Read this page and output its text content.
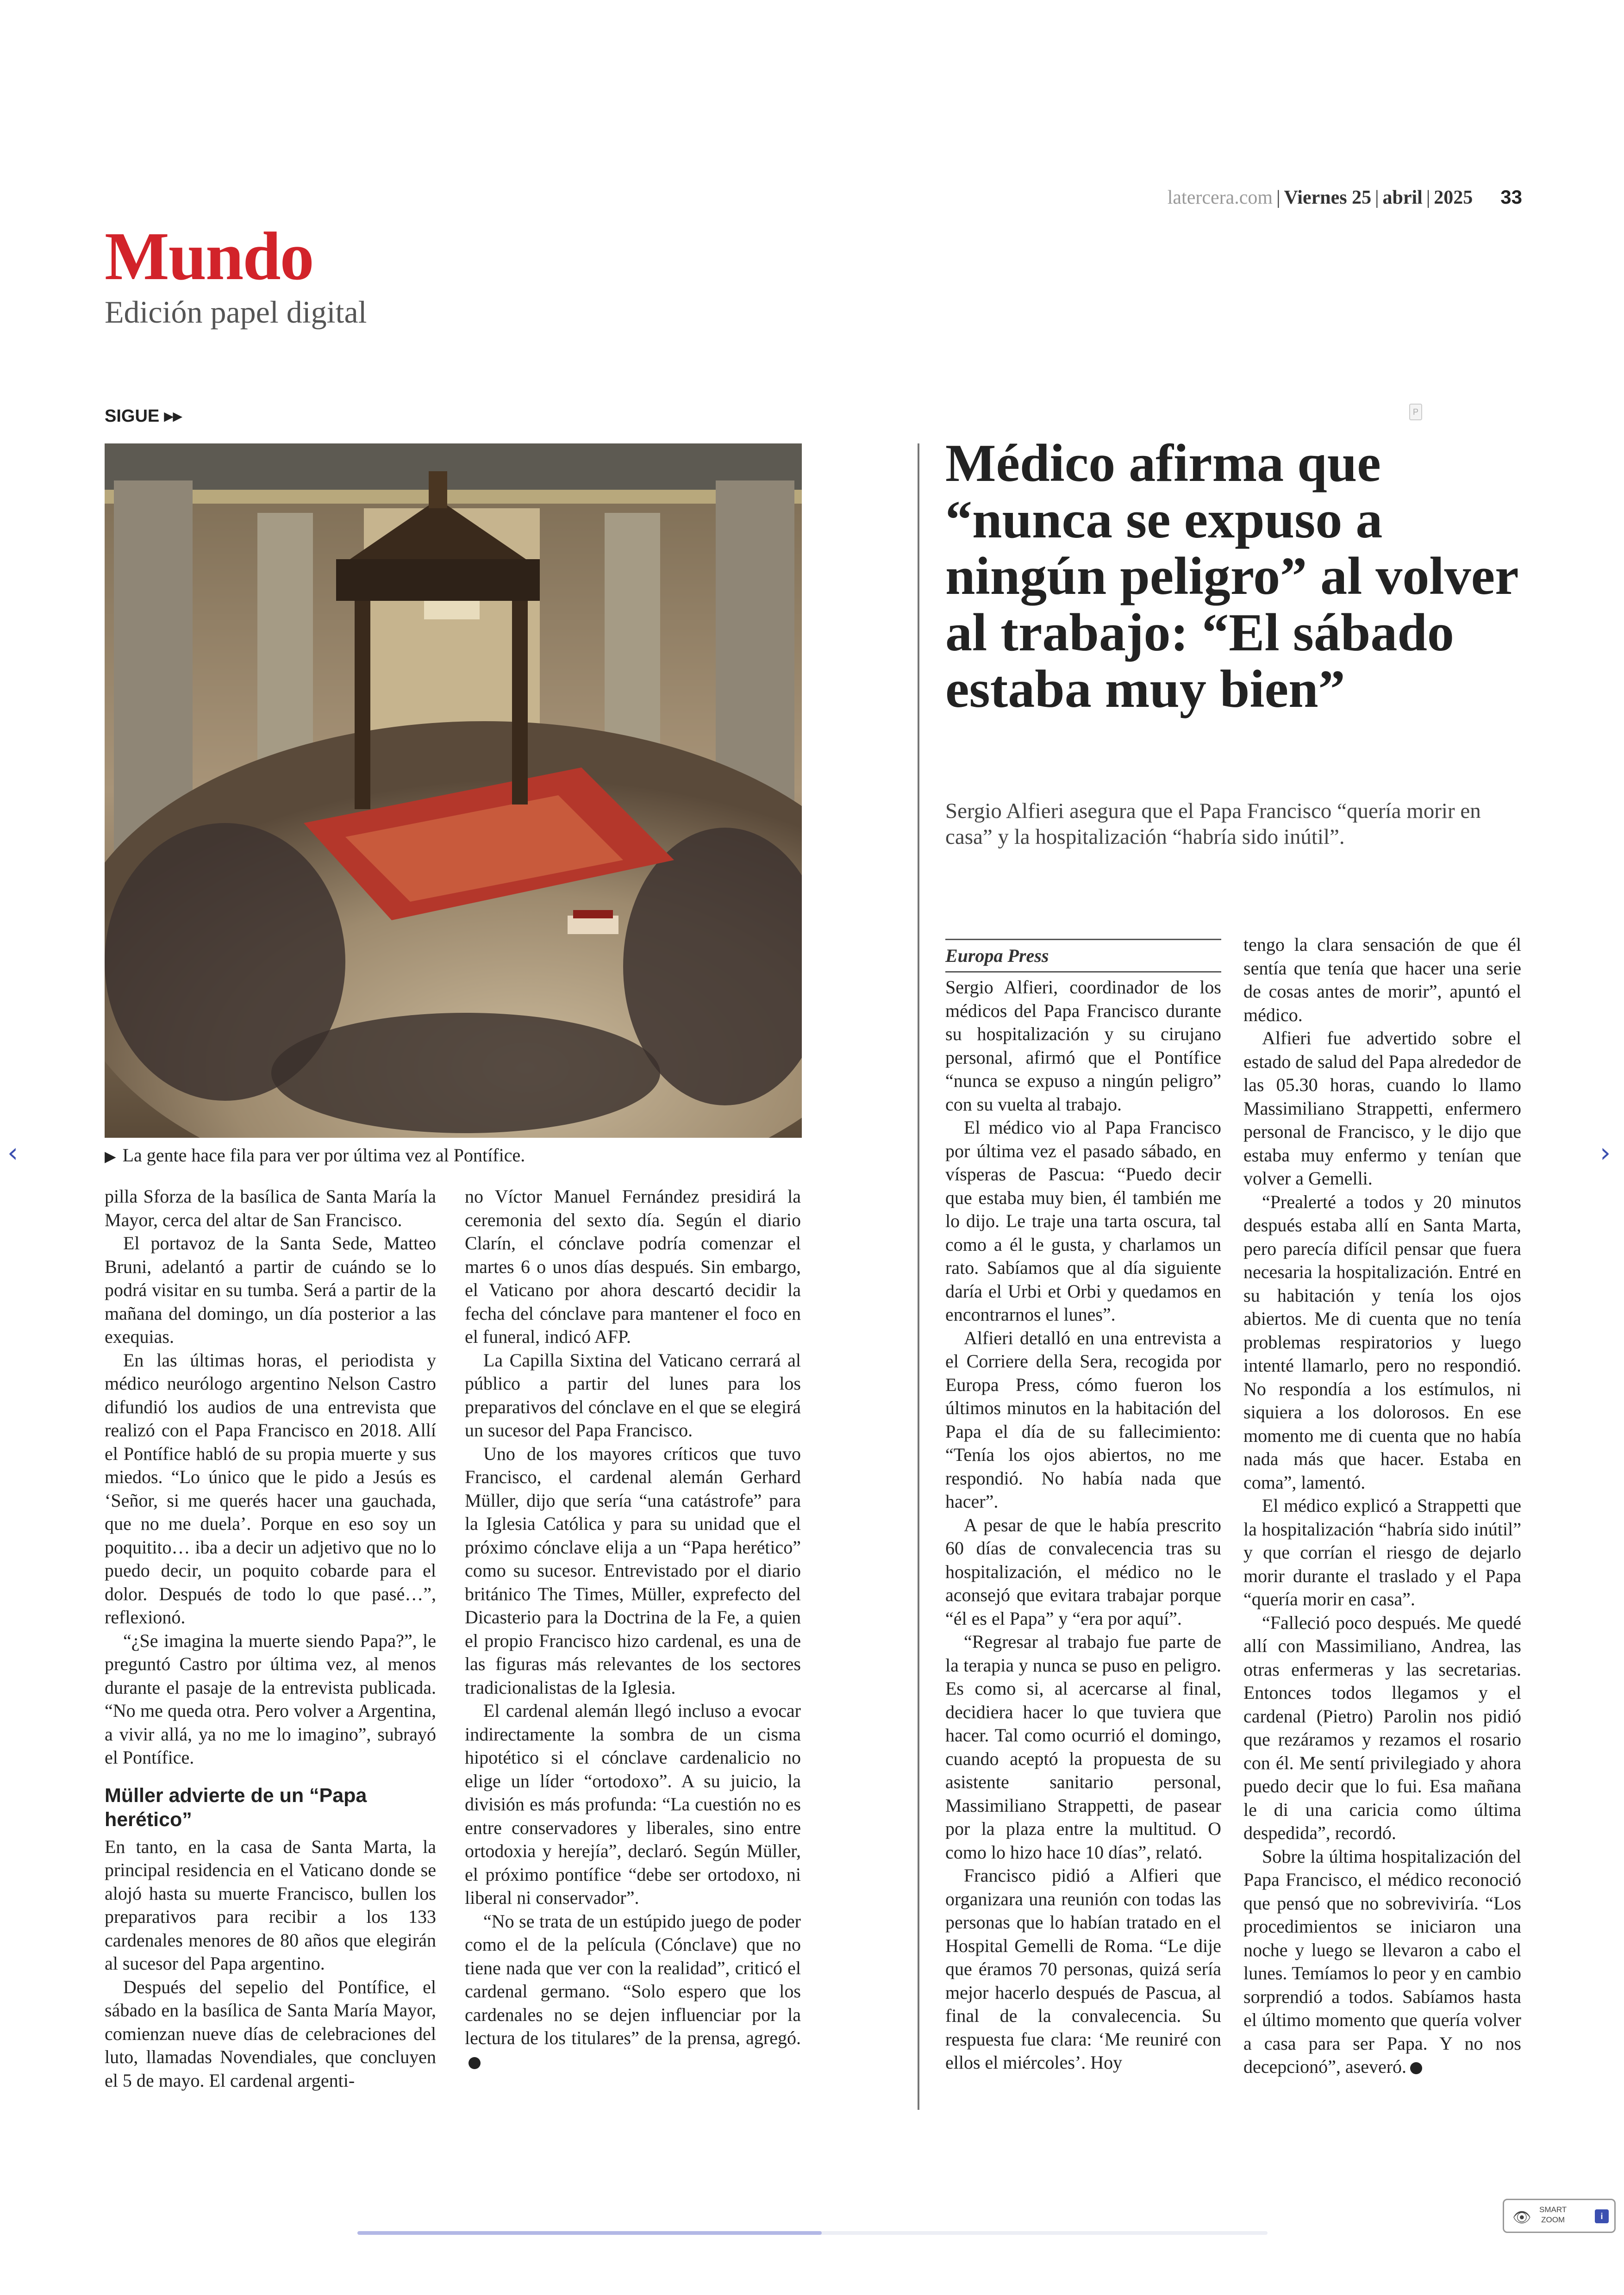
latercera.com | Viernes 25 | abril | 2025 33
Mundo
Edición papel digital
SIGUE ▸▸
▶ La gente hace fila para ver por última vez al Pontífice.

pilla Sforza de la basílica de Santa María la Mayor, cerca del altar de San Francisco.

El portavoz de la Santa Sede, Matteo Bruni, adelantó a partir de cuándo se lo podrá visitar en su tumba. Será a partir de la mañana del domingo, un día posterior a las exequias.

En las últimas horas, el periodista y médico neurólogo argentino Nelson Castro difundió los audios de una entrevista que realizó con el Papa Francisco en 2018. Allí el Pontífice habló de su propia muerte y sus miedos. “Lo único que le pido a Jesús es ‘Señor, si me querés hacer una gauchada, que no me duela’. Porque en eso soy un poquitito… iba a decir un adjetivo que no lo puedo decir, un poquito cobarde para el dolor. Después de todo lo que pasé…”, reflexionó.

“¿Se imagina la muerte siendo Papa?”, le preguntó Castro por última vez, al menos durante el pasaje de la entrevista publicada. “No me queda otra. Pero volver a Argentina, a vivir allá, ya no me lo imagino”, subrayó el Pontífice.

Müller advierte de un “Papa herético”

En tanto, en la casa de Santa Marta, la principal residencia en el Vaticano donde se alojó hasta su muerte Francisco, bullen los preparativos para recibir a los 133 cardenales menores de 80 años que elegirán al sucesor del Papa argentino.

Después del sepelio del Pontífice, el sábado en la basílica de Santa María Mayor, comienzan nueve días de celebraciones del luto, llamadas Novendiales, que concluyen el 5 de mayo. El cardenal argenti-

no Víctor Manuel Fernández presidirá la ceremonia del sexto día. Según el diario Clarín, el cónclave podría comenzar el martes 6 o unos días después. Sin embargo, el Vaticano por ahora descartó decidir la fecha del cónclave para mantener el foco en el funeral, indicó AFP.

La Capilla Sixtina del Vaticano cerrará al público a partir del lunes para los preparativos del cónclave en el que se elegirá un sucesor del Papa Francisco.

Uno de los mayores críticos que tuvo Francisco, el cardenal alemán Gerhard Müller, dijo que sería “una catástrofe” para la Iglesia Católica y para su unidad que el próximo cónclave elija a un “Papa herético” como su sucesor. Entrevistado por el diario británico The Times, Müller, exprefecto del Dicasterio para la Doctrina de la Fe, a quien el propio Francisco hizo cardenal, es una de las figuras más relevantes de los sectores tradicionalistas de la Iglesia.

El cardenal alemán llegó incluso a evocar indirectamente la sombra de un cisma hipotético si el cónclave cardenalicio no elige un líder “ortodoxo”. A su juicio, la división es más profunda: “La cuestión no es entre conservadores y liberales, sino entre ortodoxia y herejía”, declaró. Según Müller, el próximo pontífice “debe ser ortodoxo, ni liberal ni conservador”.

“No se trata de un estúpido juego de poder como el de la película (Cónclave) que no tiene nada que ver con la realidad”, criticó el cardenal germano. “Solo espero que los cardenales no se dejen influenciar por la lectura de los titulares” de la prensa, agregó.

P
Médico afirma que “nunca se expuso a ningún peligro” al volver al trabajo: “El sábado estaba muy bien”
Sergio Alfieri asegura que el Papa Francisco “quería morir en casa” y la hospitalización “habría sido inútil”.
Europa Press

Sergio Alfieri, coordinador de los médicos del Papa Francisco durante su hospitalización y su cirujano personal, afirmó que el Pontífice “nunca se expuso a ningún peligro” con su vuelta al trabajo.

El médico vio al Papa Francisco por última vez el pasado sábado, en vísperas de Pascua: “Puedo decir que estaba muy bien, él también me lo dijo. Le traje una tarta oscura, tal como a él le gusta, y charlamos un rato. Sabíamos que al día siguiente daría el Urbi et Orbi y quedamos en encontrarnos el lunes”.

Alfieri detalló en una entrevista a el Corriere della Sera, recogida por Europa Press, cómo fueron los últimos minutos en la habitación del Papa el día de su fallecimiento: “Tenía los ojos abiertos, no me respondió. No había nada que hacer”.

A pesar de que le había prescrito 60 días de convalecencia tras su hospitalización, el médico no le aconsejó que evitara trabajar porque “él es el Papa” y “era por aquí”.

“Regresar al trabajo fue parte de la terapia y nunca se puso en peligro. Es como si, al acercarse al final, decidiera hacer lo que tuviera que hacer. Tal como ocurrió el domingo, cuando aceptó la propuesta de su asistente sanitario personal, Massimiliano Strappetti, de pasear por la plaza entre la multitud. O como lo hizo hace 10 días”, relató.

Francisco pidió a Alfieri que organizara una reunión con todas las personas que lo habían tratado en el Hospital Gemelli de Roma. “Le dije que éramos 70 personas, quizá sería mejor hacerlo después de Pascua, al final de la convalecencia. Su respuesta fue clara: ‘Me reuniré con ellos el miércoles’. Hoy

tengo la clara sensación de que él sentía que tenía que hacer una serie de cosas antes de morir”, apuntó el médico.

Alfieri fue advertido sobre el estado de salud del Papa alrededor de las 05.30 horas, cuando lo llamo Massimiliano Strappetti, enfermero personal de Francisco, y le dijo que estaba muy enfermo y tenían que volver a Gemelli.

“Prealerté a todos y 20 minutos después estaba allí en Santa Marta, pero parecía difícil pensar que fuera necesaria la hospitalización. Entré en su habitación y tenía los ojos abiertos. Me di cuenta que no tenía problemas respiratorios y luego intenté llamarlo, pero no respondió. No respondía a los estímulos, ni siquiera a los dolorosos. En ese momento me di cuenta que no había nada más que hacer. Estaba en coma”, lamentó.

El médico explicó a Strappetti que la hospitalización “habría sido inútil” y que corrían el riesgo de dejarlo morir durante el traslado y el Papa “quería morir en casa”.

“Falleció poco después. Me quedé allí con Massimiliano, Andrea, las otras enfermeras y las secretarias. Entonces todos llegamos y el cardenal (Pietro) Parolin nos pidió que rezáramos y rezamos el rosario con él. Me sentí privilegiado y ahora puedo decir que lo fui. Esa mañana le di una caricia como última despedida”, recordó.

Sobre la última hospitalización del Papa Francisco, el médico reconoció que pensó que no sobreviviría. “Los procedimientos se iniciaron una noche y luego se llevaron a cabo el lunes. Temíamos lo peor y en cambio sorprendió a todos. Sabíamos hasta el último momento que quería volver a casa para ser Papa. Y no nos decepcionó”, aseveró.

‹	›
👁 SMART
ZOOM	i
